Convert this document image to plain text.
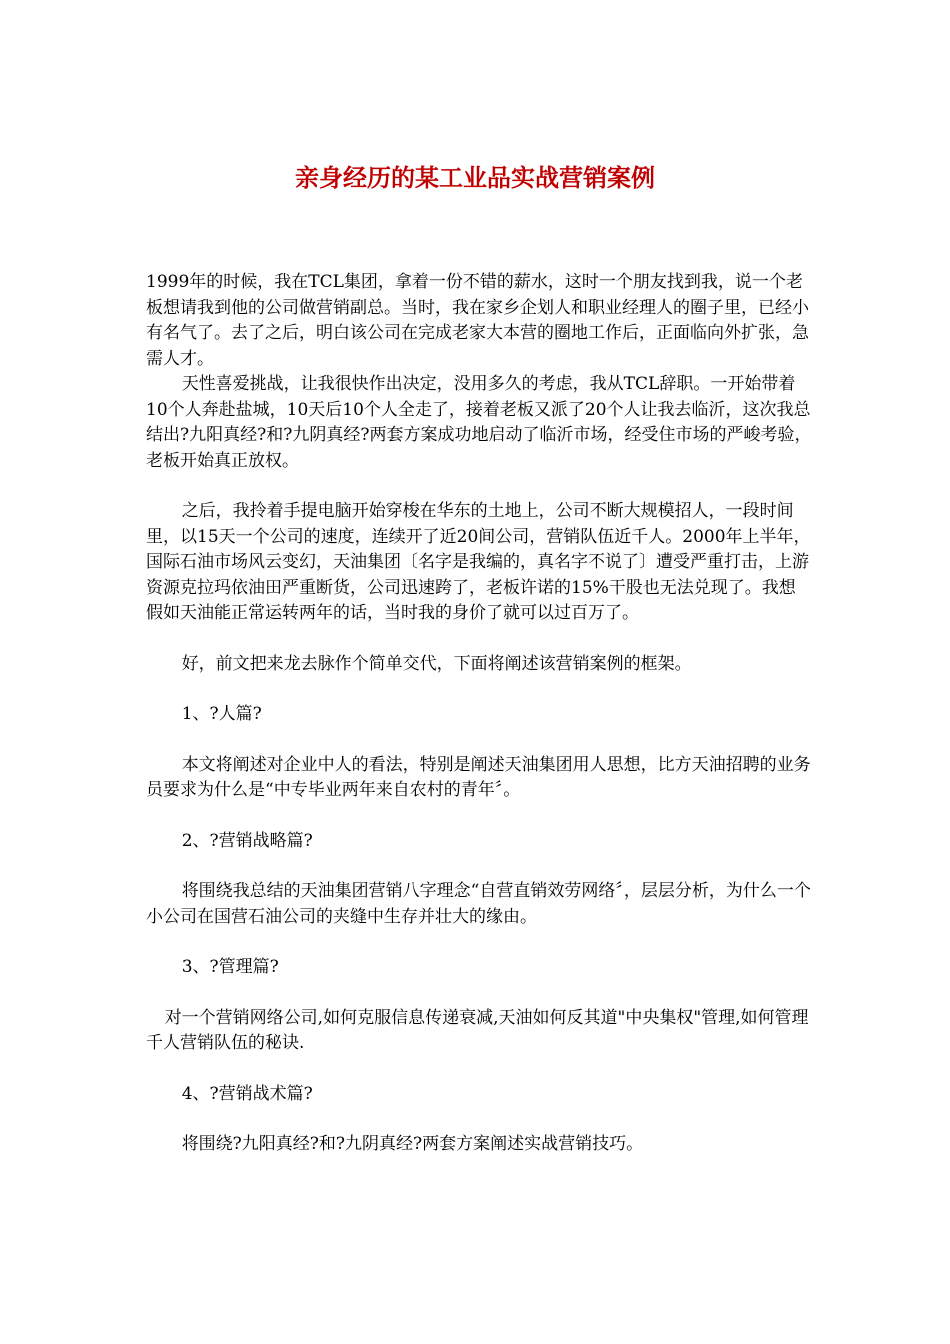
亲身经历的某工业品实战营销案例

1999年的时候，我在TCL集团，拿着一份不错的薪水，这时一个朋友找到我，说一个老板想请我到他的公司做营销副总。当时，我在家乡企划人和职业经理人的圈子里，已经小有名气了。去了之后，明白该公司在完成老家大本营的圈地工作后，正面临向外扩张，急需人才。

天性喜爱挑战，让我很快作出决定，没用多久的考虑，我从TCL辞职。一开始带着10个人奔赴盐城，10天后10个人全走了，接着老板又派了20个人让我去临沂，这次我总结出?九阳真经?和?九阴真经?两套方案成功地启动了临沂市场，经受住市场的严峻考验，老板开始真正放权。

之后，我拎着手提电脑开始穿梭在华东的土地上，公司不断大规模招人，一段时间里，以15天一个公司的速度，连续开了近20间公司，营销队伍近千人。2000年上半年，国际石油市场风云变幻，天油集团〔名字是我编的，真名字不说了〕遭受严重打击，上游资源克拉玛依油田严重断货，公司迅速跨了，老板许诺的15%干股也无法兑现了。我想假如天油能正常运转两年的话，当时我的身价了就可以过百万了。

好，前文把来龙去脉作个简单交代，下面将阐述该营销案例的框架。

1、?人篇?

本文将阐述对企业中人的看法，特别是阐述天油集团用人思想，比方天油招聘的业务员要求为什么是“中专毕业两年来自农村的青年〞。

2、?营销战略篇?

将围绕我总结的天油集团营销八字理念“自营直销效劳网络〞，层层分析，为什么一个小公司在国营石油公司的夹缝中生存并壮大的缘由。

3、?管理篇?

对一个营销网络公司,如何克服信息传递衰减,天油如何反其道"中央集权"管理,如何管理千人营销队伍的秘诀.

4、?营销战术篇?

将围绕?九阳真经?和?九阴真经?两套方案阐述实战营销技巧。
